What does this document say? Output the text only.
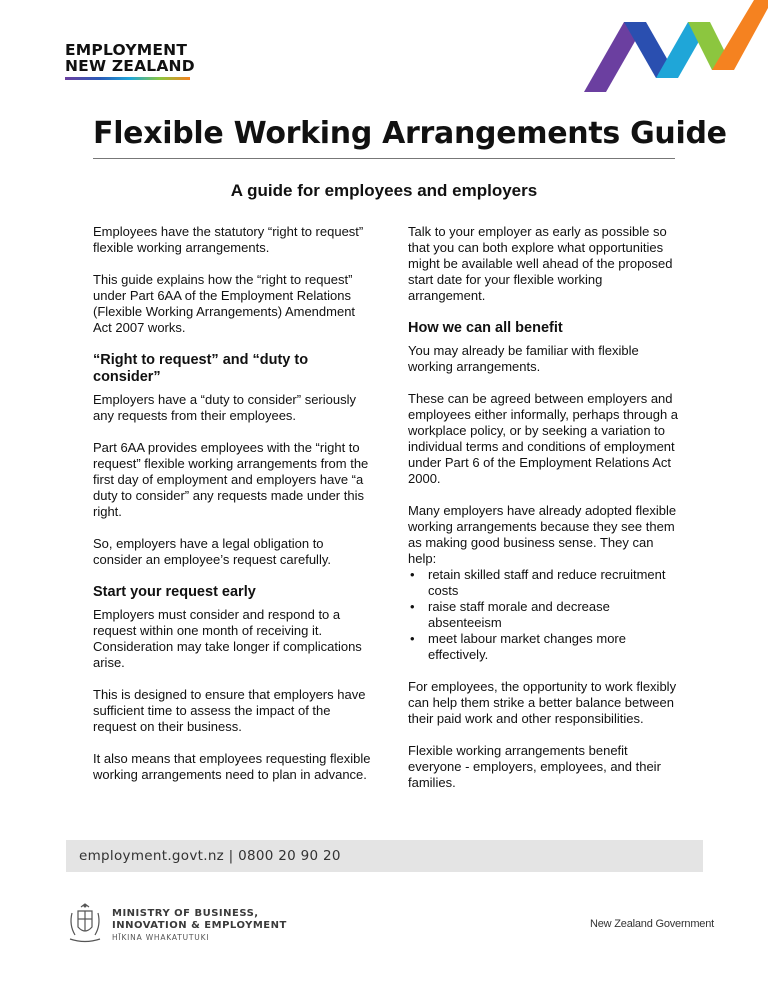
EMPLOYMENT
NEW ZEALAND
Flexible Working Arrangements Guide
A guide for employees and employers

Employees have the statutory “right to request” flexible working arrangements.

This guide explains how the “right to request” under Part 6AA of the Employment Relations (Flexible Working Arrangements) Amendment Act 2007 works.

“Right to request” and “duty to consider”

Employers have a “duty to consider” seriously any requests from their employees.

Part 6AA provides employees with the “right to request” flexible working arrangements from the first day of employment and employers have “a duty to consider” any requests made under this right.

So, employers have a legal obligation to consider an employee’s request carefully.

Start your request early

Employers must consider and respond to a request within one month of receiving it. Consideration may take longer if complications arise.

This is designed to ensure that employers have sufficient time to assess the impact of the request on their business.

It also means that employees requesting flexible working arrangements need to plan in advance.

Talk to your employer as early as possible so that you can both explore what opportunities might be available well ahead of the proposed start date for your flexible working arrangement.

How we can all benefit

You may already be familiar with flexible working arrangements.

These can be agreed between employers and employees either informally, perhaps through a workplace policy, or by seeking a variation to individual terms and conditions of employment under Part 6 of the Employment Relations Act 2000.

Many employers have already adopted flexible working arrangements because they see them as making good business sense. They can help:

• retain skilled staff and reduce recruitment costs
• raise staff morale and decrease absenteeism
• meet labour market changes more effectively.

For employees, the opportunity to work flexibly can help them strike a better balance between their paid work and other responsibilities.

Flexible working arrangements benefit everyone - employers, employees, and their families.

employment.govt.nz | 0800 20 90 20
MINISTRY OF BUSINESS,
INNOVATION & EMPLOYMENT
HĪKINA WHAKATUTUKI
New Zealand Government
